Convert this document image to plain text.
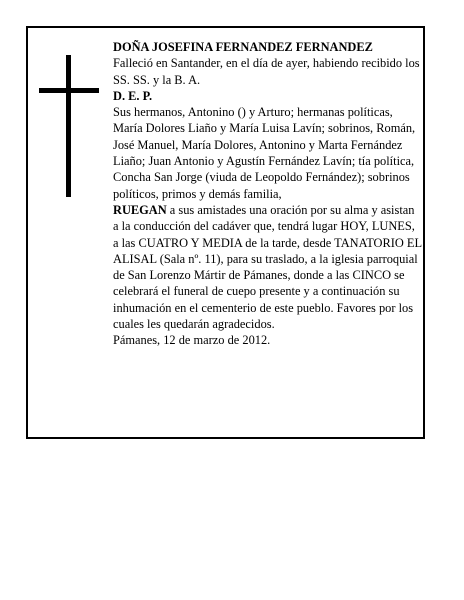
DOÑA JOSEFINA FERNANDEZ FERNANDEZ

Falleció en Santander, en el día de ayer, habiendo recibido los SS. SS. y la B. A.

D. E. P.

Sus hermanos, Antonino () y Arturo; hermanas políticas, María Dolores Liaño y María Luisa Lavín; sobrinos, Román, José Manuel, María Dolores, Antonino y Marta Fernández Liaño; Juan Antonio y Agustín Fernández Lavín; tía política, Concha San Jorge (viuda de Leopoldo Fernández); sobrinos políticos, primos y demás familia,

RUEGAN a sus amistades una oración por su alma y asistan a la conducción del cadáver que, tendrá lugar HOY, LUNES, a las CUATRO Y MEDIA de la tarde, desde TANATORIO EL ALISAL (Sala nº. 11), para su traslado, a la iglesia parroquial de San Lorenzo Mártir de Pámanes, donde a las CINCO se celebrará el funeral de cuepo presente y a continuación su inhumación en el cementerio de este pueblo. Favores por los cuales les quedarán agradecidos.

Pámanes, 12 de marzo de 2012.
